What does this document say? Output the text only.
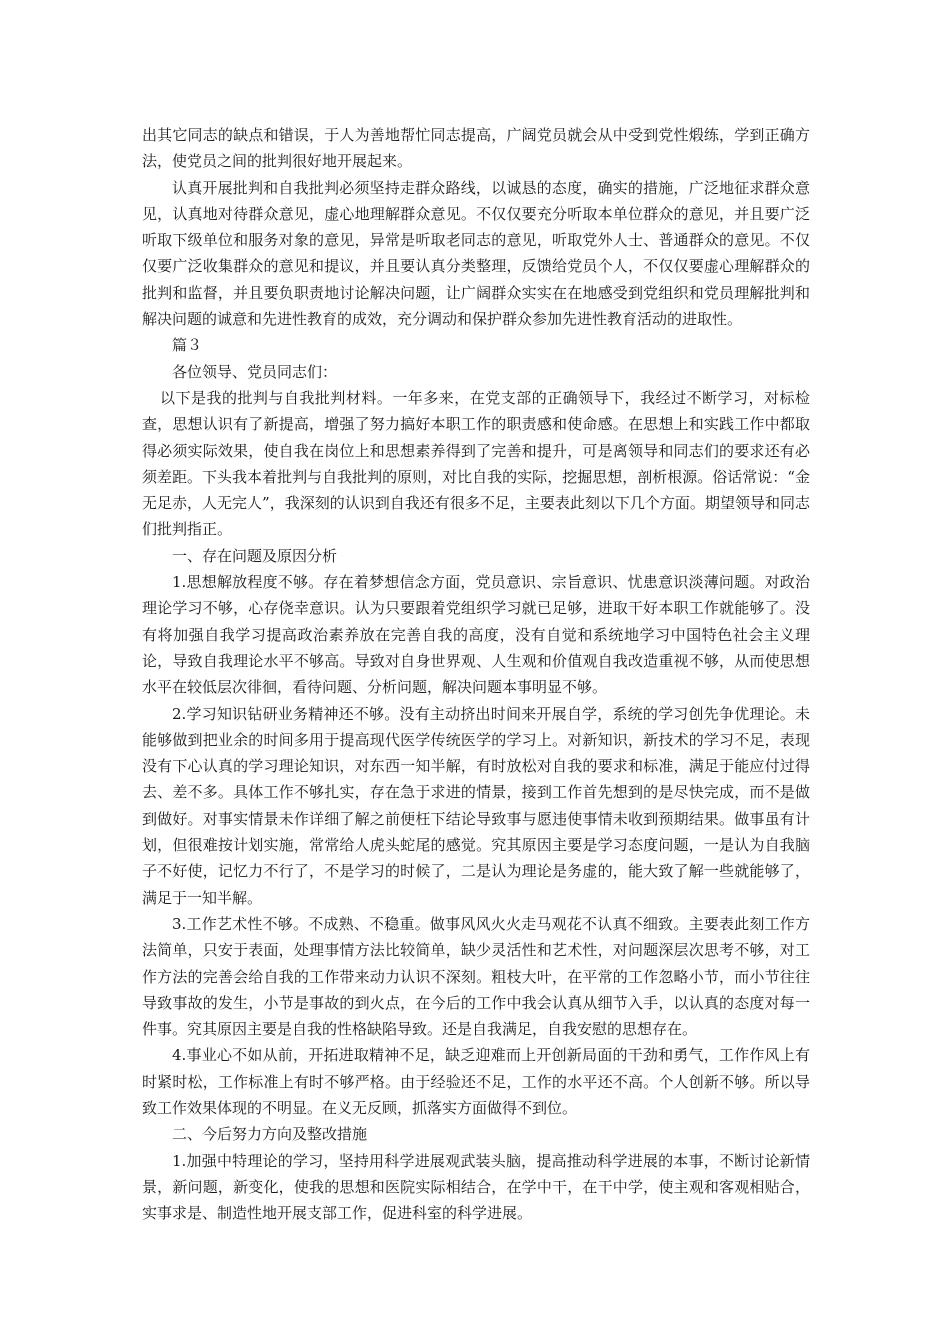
出其它同志的缺点和错误，于人为善地帮忙同志提高，广阔党员就会从中受到党性煅练，学到正确方法，使党员之间的批判很好地开展起来。

认真开展批判和自我批判必须坚持走群众路线，以诚恳的态度，确实的措施，广泛地征求群众意见，认真地对待群众意见，虚心地理解群众意见。不仅仅要充分听取本单位群众的意见，并且要广泛听取下级单位和服务对象的意见，异常是听取老同志的意见，听取党外人士、普通群众的意见。不仅仅要广泛收集群众的意见和提议，并且要认真分类整理，反馈给党员个人，不仅仅要虚心理解群众的批判和监督，并且要负职责地讨论解决问题，让广阔群众实实在在地感受到党组织和党员理解批判和解决问题的诚意和先进性教育的成效，充分调动和保护群众参加先进性教育活动的进取性。

篇３

各位领导、党员同志们：

以下是我的批判与自我批判材料。一年多来，在党支部的正确领导下，我经过不断学习，对标检查，思想认识有了新提高，增强了努力搞好本职工作的职责感和使命感。在思想上和实践工作中都取得必须实际效果，使自我在岗位上和思想素养得到了完善和提升，可是离领导和同志们的要求还有必须差距。下头我本着批判与自我批判的原则，对比自我的实际，挖掘思想，剖析根源。俗话常说：“金无足赤，人无完人”，我深刻的认识到自我还有很多不足，主要表此刻以下几个方面。期望领导和同志们批判指正。

一、存在问题及原因分析

1.思想解放程度不够。存在着梦想信念方面，党员意识、宗旨意识、忧患意识淡薄问题。对政治理论学习不够，心存侥幸意识。认为只要跟着党组织学习就已足够，进取干好本职工作就能够了。没有将加强自我学习提高政治素养放在完善自我的高度，没有自觉和系统地学习中国特色社会主义理论，导致自我理论水平不够高。导致对自身世界观、人生观和价值观自我改造重视不够，从而使思想水平在较低层次徘徊，看待问题、分析问题，解决问题本事明显不够。

2.学习知识钻研业务精神还不够。没有主动挤出时间来开展自学，系统的学习创先争优理论。未能够做到把业余的时间多用于提高现代医学传统医学的学习上。对新知识，新技术的学习不足，表现没有下心认真的学习理论知识，对东西一知半解，有时放松对自我的要求和标准，满足于能应付过得去、差不多。具体工作不够扎实，存在急于求进的情景，接到工作首先想到的是尽快完成，而不是做到做好。对事实情景未作详细了解之前便枉下结论导致事与愿违使事情未收到预期结果。做事虽有计划，但很难按计划实施，常常给人虎头蛇尾的感觉。究其原因主要是学习态度问题，一是认为自我脑子不好使，记忆力不行了，不是学习的时候了，二是认为理论是务虚的，能大致了解一些就能够了，满足于一知半解。

3.工作艺术性不够。不成熟、不稳重。做事风风火火走马观花不认真不细致。主要表此刻工作方法简单，只安于表面，处理事情方法比较简单，缺少灵活性和艺术性，对问题深层次思考不够，对工作方法的完善会给自我的工作带来动力认识不深刻。粗枝大叶，在平常的工作忽略小节，而小节往往导致事故的发生，小节是事故的到火点，在今后的工作中我会认真从细节入手，以认真的态度对每一件事。究其原因主要是自我的性格缺陷导致。还是自我满足，自我安慰的思想存在。

4.事业心不如从前，开拓进取精神不足，缺乏迎难而上开创新局面的干劲和勇气，工作作风上有时紧时松，工作标准上有时不够严格。由于经验还不足，工作的水平还不高。个人创新不够。所以导致工作效果体现的不明显。在义无反顾，抓落实方面做得不到位。

二、今后努力方向及整改措施

1.加强中特理论的学习，坚持用科学进展观武装头脑，提高推动科学进展的本事，不断讨论新情景，新问题，新变化，使我的思想和医院实际相结合，在学中干，在干中学，使主观和客观相贴合，实事求是、制造性地开展支部工作，促进科室的科学进展。
